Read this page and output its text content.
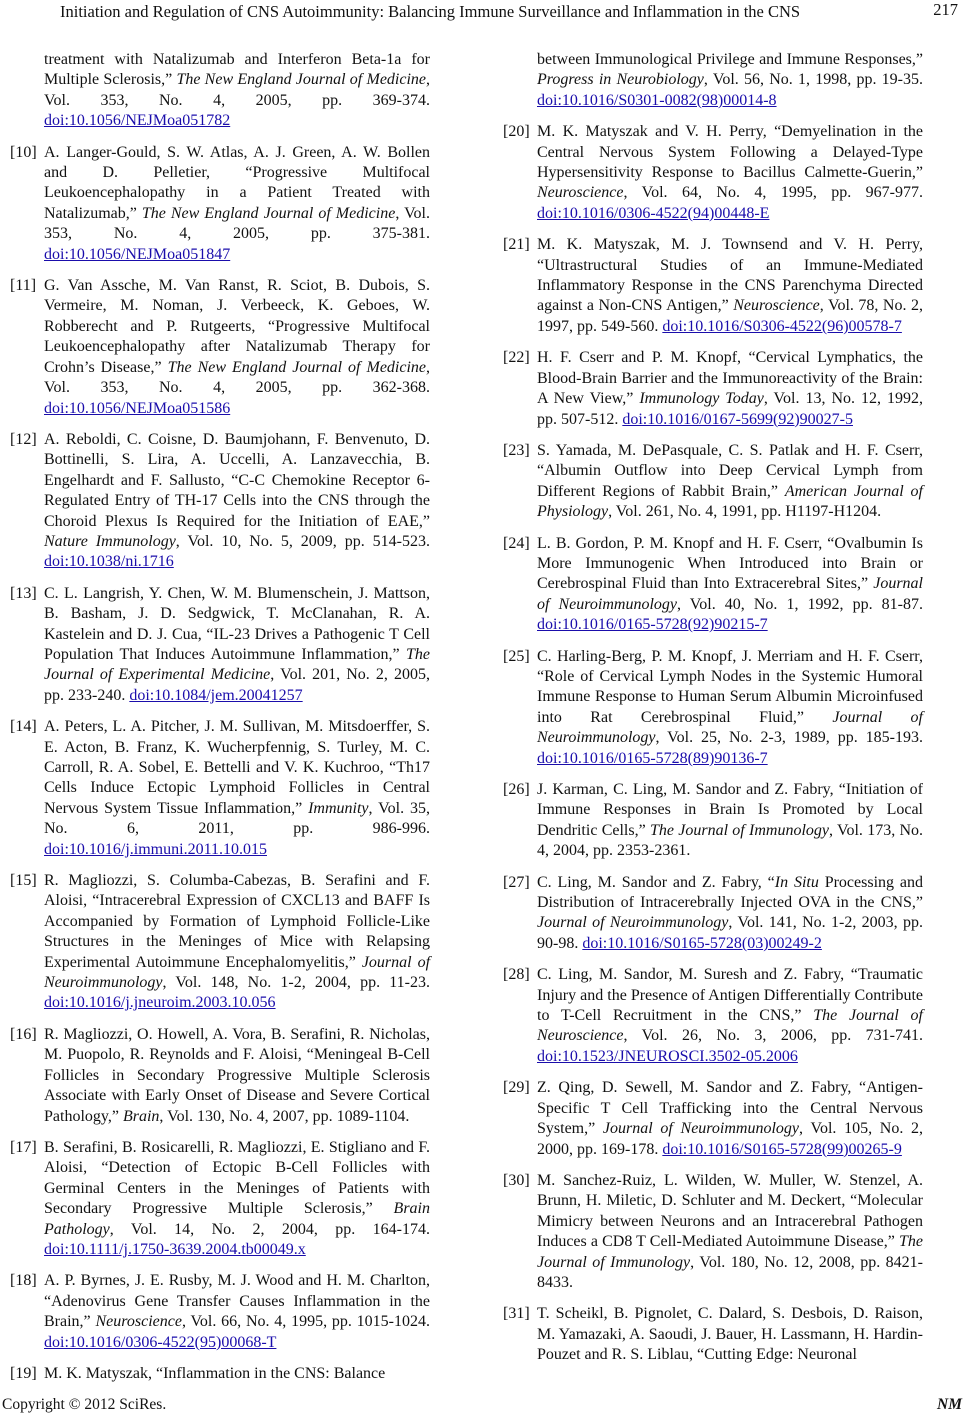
Initiation and Regulation of CNS Autoimmunity: Balancing Immune Surveillance and Inflammation in the CNS	217
treatment with Natalizumab and Interferon Beta-1a for Multiple Sclerosis,” The New England Journal of Medicine, Vol. 353, No. 4, 2005, pp. 369-374. doi:10.1056/NEJMoa051782
[10] A. Langer-Gould, S. W. Atlas, A. J. Green, A. W. Bollen and D. Pelletier, “Progressive Multifocal Leukoencephalopathy in a Patient Treated with Natalizumab,” The New England Journal of Medicine, Vol. 353, No. 4, 2005, pp. 375-381. doi:10.1056/NEJMoa051847
[11] G. Van Assche, M. Van Ranst, R. Sciot, B. Dubois, S. Vermeire, M. Noman, J. Verbeeck, K. Geboes, W. Robberecht and P. Rutgeerts, “Progressive Multifocal Leukoencephalopathy after Natalizumab Therapy for Crohn’s Disease,” The New England Journal of Medicine, Vol. 353, No. 4, 2005, pp. 362-368. doi:10.1056/NEJMoa051586
[12] A. Reboldi, C. Coisne, D. Baumjohann, F. Benvenuto, D. Bottinelli, S. Lira, A. Uccelli, A. Lanzavecchia, B. Engelhardt and F. Sallusto, “C-C Chemokine Receptor 6-Regulated Entry of TH-17 Cells into the CNS through the Choroid Plexus Is Required for the Initiation of EAE,” Nature Immunology, Vol. 10, No. 5, 2009, pp. 514-523. doi:10.1038/ni.1716
[13] C. L. Langrish, Y. Chen, W. M. Blumenschein, J. Mattson, B. Basham, J. D. Sedgwick, T. McClanahan, R. A. Kastelein and D. J. Cua, “IL-23 Drives a Pathogenic T Cell Population That Induces Autoimmune Inflammation,” The Journal of Experimental Medicine, Vol. 201, No. 2, 2005, pp. 233-240. doi:10.1084/jem.20041257
[14] A. Peters, L. A. Pitcher, J. M. Sullivan, M. Mitsdoerffer, S. E. Acton, B. Franz, K. Wucherpfennig, S. Turley, M. C. Carroll, R. A. Sobel, E. Bettelli and V. K. Kuchroo, “Th17 Cells Induce Ectopic Lymphoid Follicles in Central Nervous System Tissue Inflammation,” Immunity, Vol. 35, No. 6, 2011, pp. 986-996. doi:10.1016/j.immuni.2011.10.015
[15] R. Magliozzi, S. Columba-Cabezas, B. Serafini and F. Aloisi, “Intracerebral Expression of CXCL13 and BAFF Is Accompanied by Formation of Lymphoid Follicle-Like Structures in the Meninges of Mice with Relapsing Experimental Autoimmune Encephalomyelitis,” Journal of Neuroimmunology, Vol. 148, No. 1-2, 2004, pp. 11-23. doi:10.1016/j.jneuroim.2003.10.056
[16] R. Magliozzi, O. Howell, A. Vora, B. Serafini, R. Nicholas, M. Puopolo, R. Reynolds and F. Aloisi, “Meningeal B-Cell Follicles in Secondary Progressive Multiple Sclerosis Associate with Early Onset of Disease and Severe Cortical Pathology,” Brain, Vol. 130, No. 4, 2007, pp. 1089-1104.
[17] B. Serafini, B. Rosicarelli, R. Magliozzi, E. Stigliano and F. Aloisi, “Detection of Ectopic B-Cell Follicles with Germinal Centers in the Meninges of Patients with Secondary Progressive Multiple Sclerosis,” Brain Pathology, Vol. 14, No. 2, 2004, pp. 164-174. doi:10.1111/j.1750-3639.2004.tb00049.x
[18] A. P. Byrnes, J. E. Rusby, M. J. Wood and H. M. Charlton, “Adenovirus Gene Transfer Causes Inflammation in the Brain,” Neuroscience, Vol. 66, No. 4, 1995, pp. 1015-1024. doi:10.1016/0306-4522(95)00068-T
[19] M. K. Matyszak, “Inflammation in the CNS: Balance
between Immunological Privilege and Immune Responses,” Progress in Neurobiology, Vol. 56, No. 1, 1998, pp. 19-35. doi:10.1016/S0301-0082(98)00014-8
[20] M. K. Matyszak and V. H. Perry, “Demyelination in the Central Nervous System Following a Delayed-Type Hypersensitivity Response to Bacillus Calmette-Guerin,” Neuroscience, Vol. 64, No. 4, 1995, pp. 967-977. doi:10.1016/0306-4522(94)00448-E
[21] M. K. Matyszak, M. J. Townsend and V. H. Perry, “Ultrastructural Studies of an Immune-Mediated Inflammatory Response in the CNS Parenchyma Directed against a Non-CNS Antigen,” Neuroscience, Vol. 78, No. 2, 1997, pp. 549-560. doi:10.1016/S0306-4522(96)00578-7
[22] H. F. Cserr and P. M. Knopf, “Cervical Lymphatics, the Blood-Brain Barrier and the Immunoreactivity of the Brain: A New View,” Immunology Today, Vol. 13, No. 12, 1992, pp. 507-512. doi:10.1016/0167-5699(92)90027-5
[23] S. Yamada, M. DePasquale, C. S. Patlak and H. F. Cserr, “Albumin Outflow into Deep Cervical Lymph from Different Regions of Rabbit Brain,” American Journal of Physiology, Vol. 261, No. 4, 1991, pp. H1197-H1204.
[24] L. B. Gordon, P. M. Knopf and H. F. Cserr, “Ovalbumin Is More Immunogenic When Introduced into Brain or Cerebrospinal Fluid than Into Extracerebral Sites,” Journal of Neuroimmunology, Vol. 40, No. 1, 1992, pp. 81-87. doi:10.1016/0165-5728(92)90215-7
[25] C. Harling-Berg, P. M. Knopf, J. Merriam and H. F. Cserr, “Role of Cervical Lymph Nodes in the Systemic Humoral Immune Response to Human Serum Albumin Microinfused into Rat Cerebrospinal Fluid,” Journal of Neuroimmunology, Vol. 25, No. 2-3, 1989, pp. 185-193. doi:10.1016/0165-5728(89)90136-7
[26] J. Karman, C. Ling, M. Sandor and Z. Fabry, “Initiation of Immune Responses in Brain Is Promoted by Local Dendritic Cells,” The Journal of Immunology, Vol. 173, No. 4, 2004, pp. 2353-2361.
[27] C. Ling, M. Sandor and Z. Fabry, “In Situ Processing and Distribution of Intracerebrally Injected OVA in the CNS,” Journal of Neuroimmunology, Vol. 141, No. 1-2, 2003, pp. 90-98. doi:10.1016/S0165-5728(03)00249-2
[28] C. Ling, M. Sandor, M. Suresh and Z. Fabry, “Traumatic Injury and the Presence of Antigen Differentially Contribute to T-Cell Recruitment in the CNS,” The Journal of Neuroscience, Vol. 26, No. 3, 2006, pp. 731-741. doi:10.1523/JNEUROSCI.3502-05.2006
[29] Z. Qing, D. Sewell, M. Sandor and Z. Fabry, “Antigen-Specific T Cell Trafficking into the Central Nervous System,” Journal of Neuroimmunology, Vol. 105, No. 2, 2000, pp. 169-178. doi:10.1016/S0165-5728(99)00265-9
[30] M. Sanchez-Ruiz, L. Wilden, W. Muller, W. Stenzel, A. Brunn, H. Miletic, D. Schluter and M. Deckert, “Molecular Mimicry between Neurons and an Intracerebral Pathogen Induces a CD8 T Cell-Mediated Autoimmune Disease,” The Journal of Immunology, Vol. 180, No. 12, 2008, pp. 8421-8433.
[31] T. Scheikl, B. Pignolet, C. Dalard, S. Desbois, D. Raison, M. Yamazaki, A. Saoudi, J. Bauer, H. Lassmann, H. Hardin-Pouzet and R. S. Liblau, “Cutting Edge: Neuronal
Copyright © 2012 SciRes.	NM
